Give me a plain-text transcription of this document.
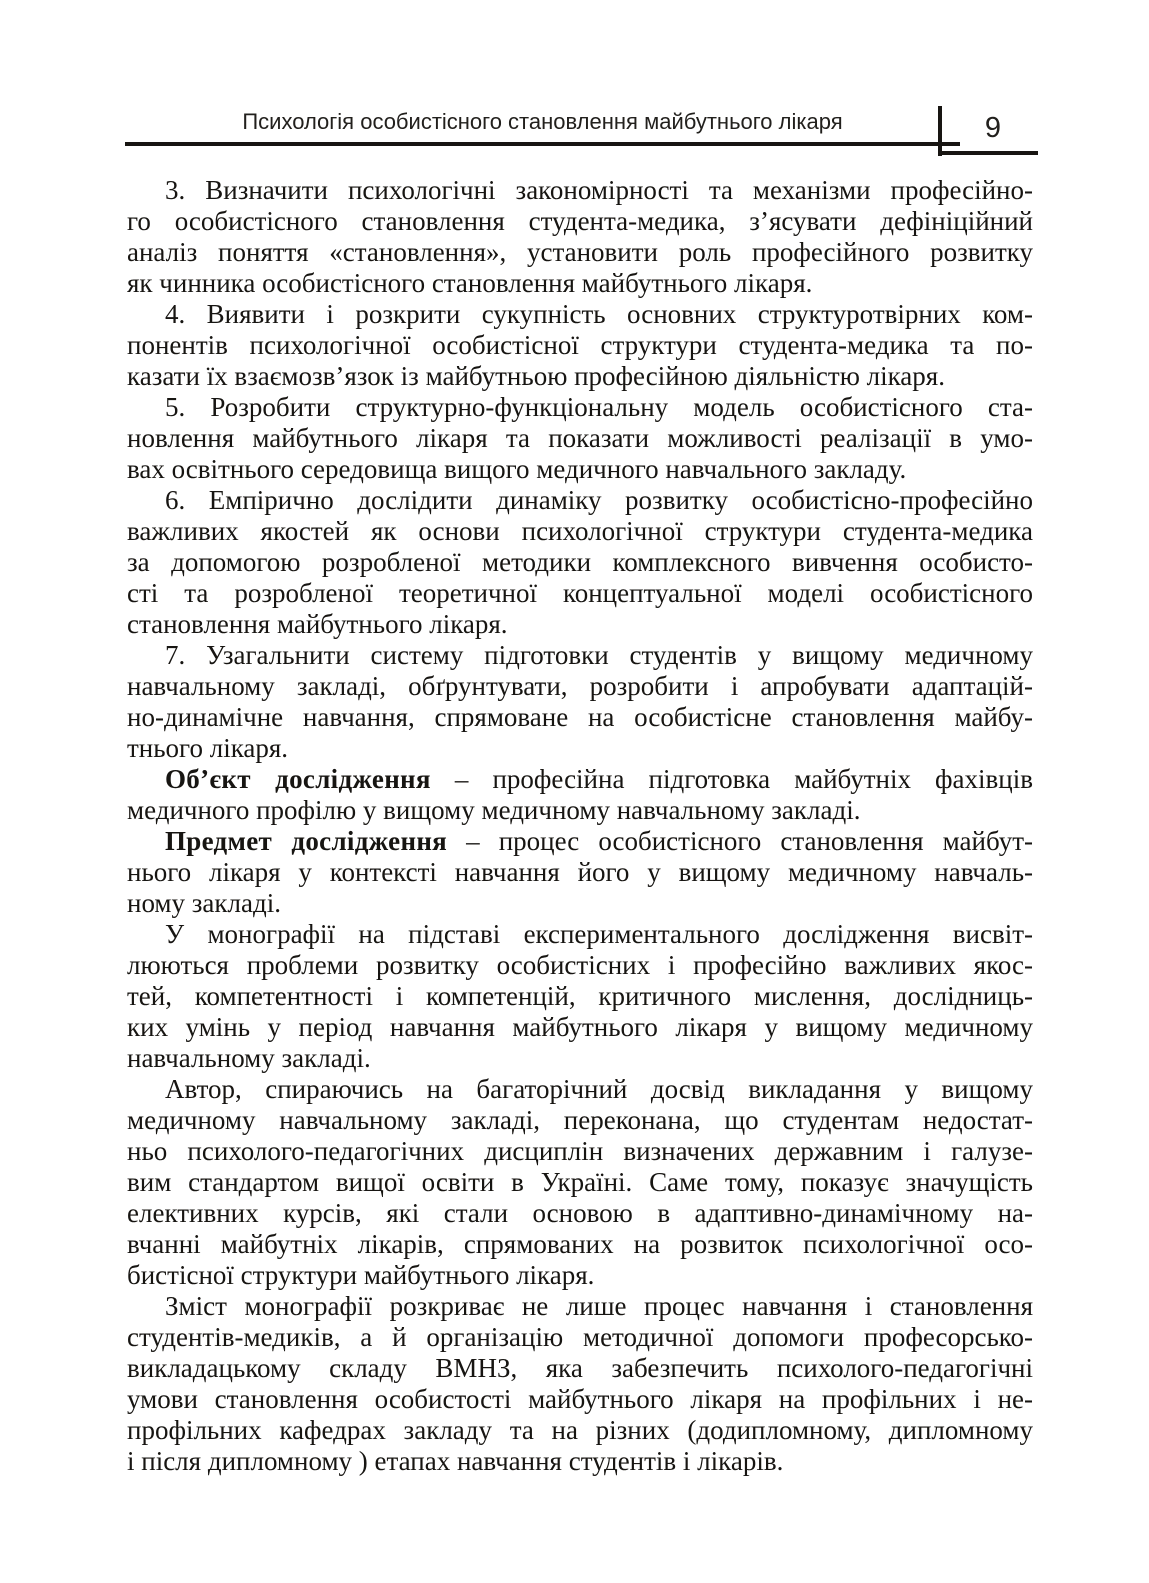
Психологія особистісного становлення майбутнього лікаря	9
3. Визначити психологічні закономірності та механізми професійно-
го особистісного становлення студента-медика, з’ясувати дефініційний
аналіз поняття «становлення», установити роль професійного розвитку
як чинника особистісного становлення майбутнього лікаря.
4. Виявити і розкрити сукупність основних структуротвірних ком-
понентів психологічної особистісної структури студента-медика та по-
казати їх взаємозв’язок із майбутньою професійною діяльністю лікаря.
5. Розробити структурно-функціональну модель особистісного ста-
новлення майбутнього лікаря та показати можливості реалізації в умо-
вах освітнього середовища вищого медичного навчального закладу.
6. Емпірично дослідити динаміку розвитку особистісно-професійно
важливих якостей як основи психологічної структури студента-медика
за допомогою розробленої методики комплексного вивчення особисто-
сті та розробленої теоретичної концептуальної моделі особистісного
становлення майбутнього лікаря.
7. Узагальнити систему підготовки студентів у вищому медичному
навчальному закладі, обґрунтувати, розробити і апробувати адаптацій-
но-динамічне навчання, спрямоване на особистісне становлення майбу-
тнього лікаря.
Об’єкт дослідження – професійна підготовка майбутніх фахівців
медичного профілю у вищому медичному навчальному закладі.
Предмет дослідження – процес особистісного становлення майбут-
нього лікаря у контексті навчання його у вищому медичному навчаль-
ному закладі.
У монографії на підставі експериментального дослідження висвіт-
люються проблеми розвитку особистісних і професійно важливих якос-
тей, компетентності і компетенцій, критичного мислення, дослідниць-
ких умінь у період навчання майбутнього лікаря у вищому медичному
навчальному закладі.
Автор, спираючись на багаторічний досвід викладання у вищому
медичному навчальному закладі, переконана, що студентам недостат-
ньо психолого-педагогічних дисциплін визначених державним і галузе-
вим стандартом вищої освіти в Україні. Саме тому, показує значущість
елективних курсів, які стали основою в адаптивно-динамічному на-
вчанні майбутніх лікарів, спрямованих на розвиток психологічної осо-
бистісної структури майбутнього лікаря.
Зміст монографії розкриває не лише процес навчання і становлення
студентів-медиків, а й організацію методичної допомоги професорсько-
викладацькому складу ВМНЗ, яка забезпечить психолого-педагогічні
умови становлення особистості майбутнього лікаря на профільних і не-
профільних кафедрах закладу та на різних (додипломному, дипломному
і після дипломному ) етапах навчання студентів і лікарів.
